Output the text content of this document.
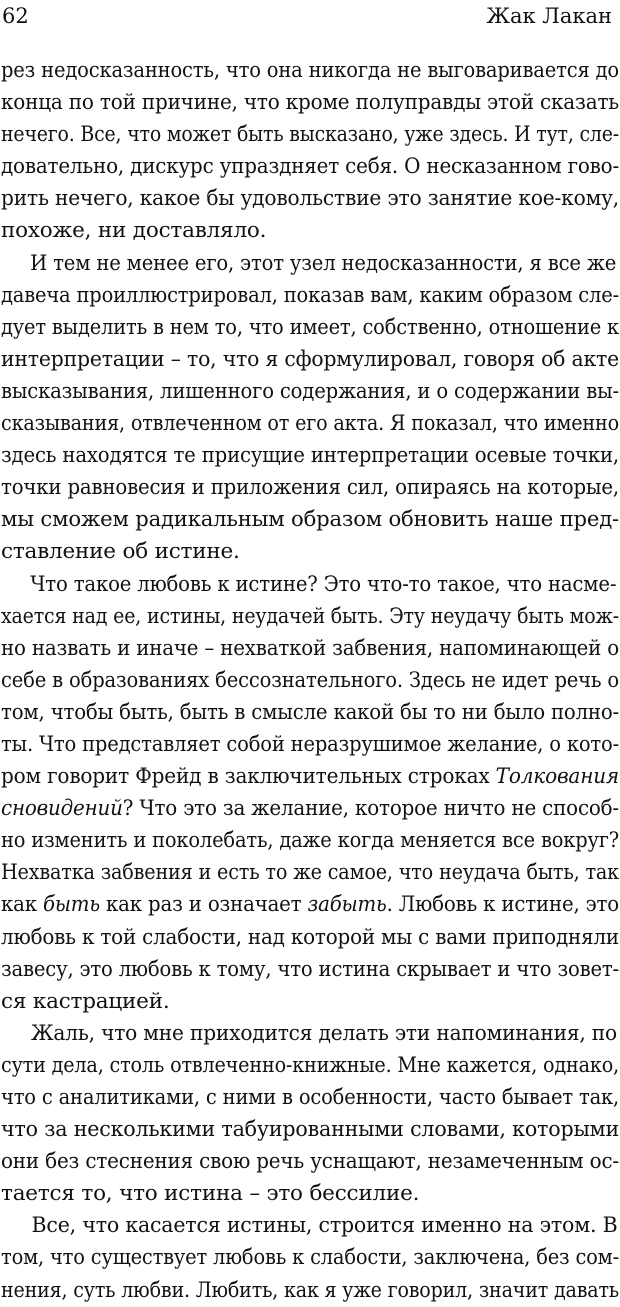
62	Жак Лакан
рез недосказанность, что она никогда не выговаривается до
конца по той причине, что кроме полуправды этой сказать
нечего. Все, что может быть высказано, уже здесь. И тут, сле-
довательно, дискурс упраздняет себя. О несказанном гово-
рить нечего, какое бы удовольствие это занятие кое-кому,
похоже, ни доставляло.
И тем не менее его, этот узел недосказанности, я все же
давеча проиллюстрировал, показав вам, каким образом сле-
дует выделить в нем то, что имеет, собственно, отношение к
интерпретации – то, что я сформулировал, говоря об акте
высказывания, лишенного содержания, и о содержании вы-
сказывания, отвлеченном от его акта. Я показал, что именно
здесь находятся те присущие интерпретации осевые точки,
точки равновесия и приложения сил, опираясь на которые,
мы сможем радикальным образом обновить наше пред-
ставление об истине.
Что такое любовь к истине? Это что-то такое, что насме-
хается над ее, истины, неудачей быть. Эту неудачу быть мож-
но назвать и иначе – нехваткой забвения, напоминающей о
себе в образованиях бессознательного. Здесь не идет речь о
том, чтобы быть, быть в смысле какой бы то ни было полно-
ты. Что представляет собой неразрушимое желание, о кото-
ром говорит Фрейд в заключительных строках Толкования
сновидений? Что это за желание, которое ничто не способ-
но изменить и поколебать, даже когда меняется все вокруг?
Нехватка забвения и есть то же самое, что неудача быть, так
как быть как раз и означает забыть. Любовь к истине, это
любовь к той слабости, над которой мы с вами приподняли
завесу, это любовь к тому, что истина скрывает и что зовет-
ся кастрацией.
Жаль, что мне приходится делать эти напоминания, по
сути дела, столь отвлеченно-книжные. Мне кажется, однако,
что с аналитиками, с ними в особенности, часто бывает так,
что за несколькими табуированными словами, которыми
они без стеснения свою речь уснащают, незамеченным ос-
тается то, что истина – это бессилие.
Все, что касается истины, строится именно на этом. В
том, что существует любовь к слабости, заключена, без сом-
нения, суть любви. Любить, как я уже говорил, значит давать
